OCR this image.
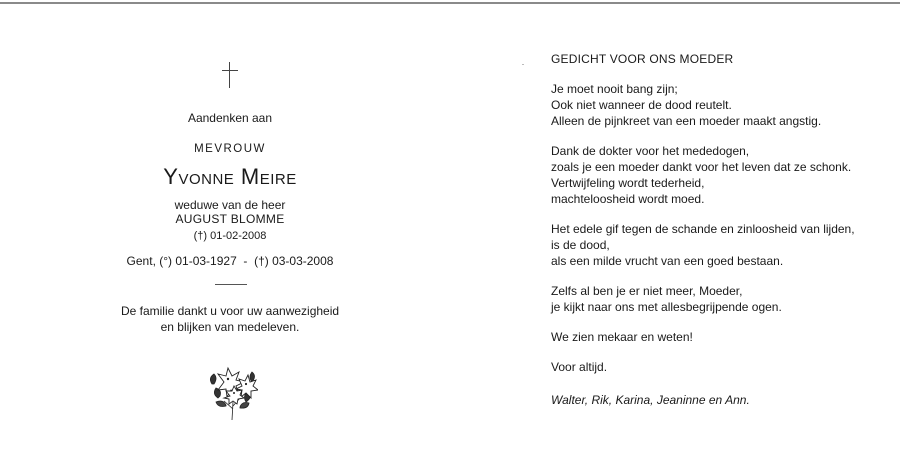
Aandenken aan
MEVROUW
Yvonne Meire
weduwe van de heer
AUGUST BLOMME
(†) 01-02-2008
Gent, (°) 01-03-1927  -  (†) 03-03-2008
De familie dankt u voor uw aanwezigheid
en blijken van medeleven.
GEDICHT VOOR ONS MOEDER
Je moet nooit bang zijn;
Ook niet wanneer de dood reutelt.
Alleen de pijnkreet van een moeder maakt angstig.
Dank de dokter voor het mededogen,
zoals je een moeder dankt voor het leven dat ze schonk.
Vertwijfeling wordt tederheid,
machteloosheid wordt moed.
Het edele gif tegen de schande en zinloosheid van lijden,
is de dood,
als een milde vrucht van een goed bestaan.
Zelfs al ben je er niet meer, Moeder,
je kijkt naar ons met allesbegrijpende ogen.
We zien mekaar en weten!
Voor altijd.
Walter, Rik, Karina, Jeaninne en Ann.
